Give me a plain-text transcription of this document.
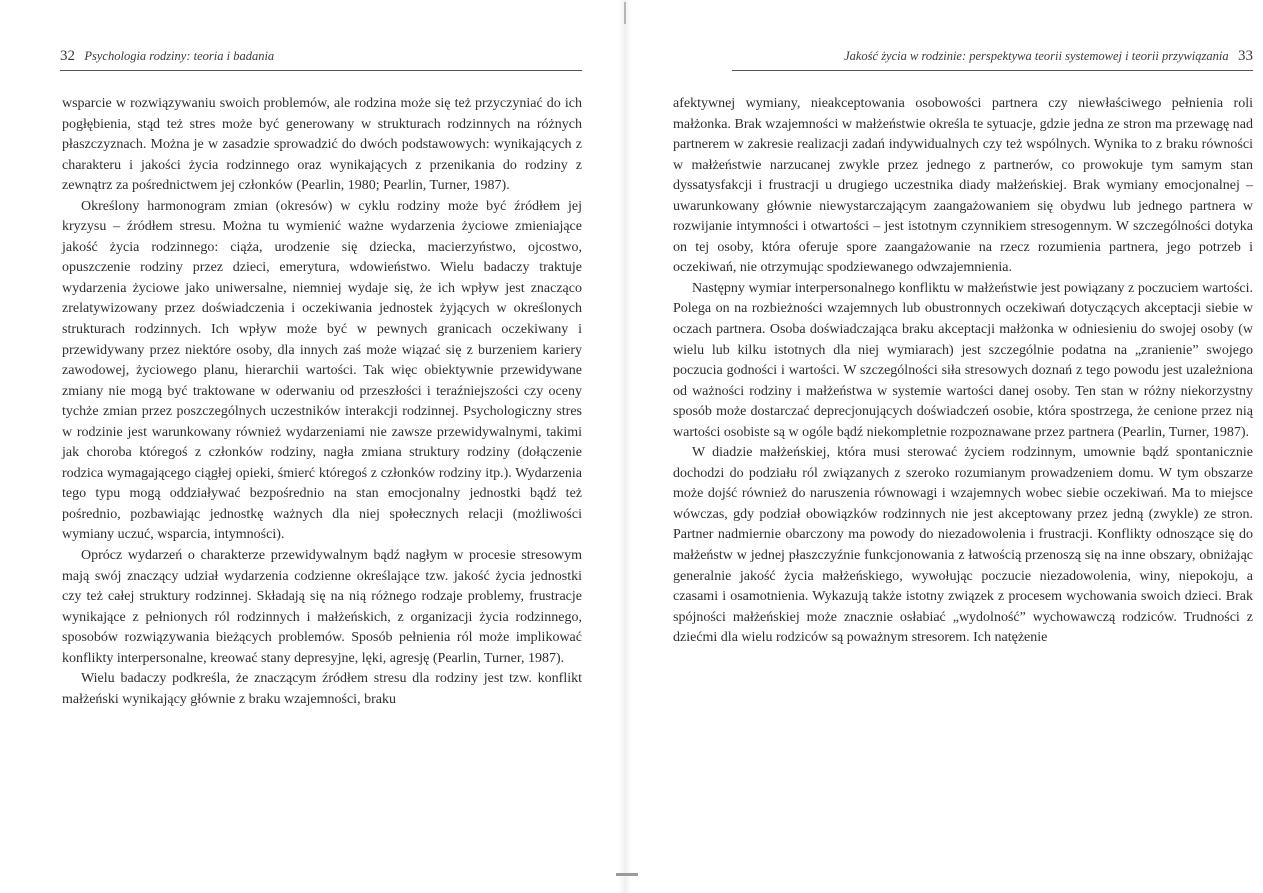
32 Psychologia rodziny: teoria i badania

wsparcie w rozwiązywaniu swoich problemów, ale rodzina może się też przyczyniać do ich pogłębienia, stąd też stres może być generowany w strukturach rodzinnych na różnych płaszczyznach. Można je w zasadzie sprowadzić do dwóch podstawowych: wynikających z charakteru i jakości życia rodzinnego oraz wynikających z przenikania do rodziny z zewnątrz za pośrednictwem jej członków (Pearlin, 1980; Pearlin, Turner, 1987).

Określony harmonogram zmian (okresów) w cyklu rodziny może być źródłem jej kryzysu – źródłem stresu. Można tu wymienić ważne wydarzenia życiowe zmieniające jakość życia rodzinnego: ciąża, urodzenie się dziecka, macierzyństwo, ojcostwo, opuszczenie rodziny przez dzieci, emerytura, wdowieństwo. Wielu badaczy traktuje wydarzenia życiowe jako uniwersalne, niemniej wydaje się, że ich wpływ jest znacząco zrelatywizowany przez doświadczenia i oczekiwania jednostek żyjących w określonych strukturach rodzinnych. Ich wpływ może być w pewnych granicach oczekiwany i przewidywany przez niektóre osoby, dla innych zaś może wiązać się z burzeniem kariery zawodowej, życiowego planu, hierarchii wartości. Tak więc obiektywnie przewidywane zmiany nie mogą być traktowane w oderwaniu od przeszłości i teraźniejszości czy oceny tychże zmian przez poszczególnych uczestników interakcji rodzinnej. Psychologiczny stres w rodzinie jest warunkowany również wydarzeniami nie zawsze przewidywalnymi, takimi jak choroba któregoś z członków rodziny, nagła zmiana struktury rodziny (dołączenie rodzica wymagającego ciągłej opieki, śmierć któregoś z członków rodziny itp.). Wydarzenia tego typu mogą oddziaływać bezpośrednio na stan emocjonalny jednostki bądź też pośrednio, pozbawiając jednostkę ważnych dla niej społecznych relacji (możliwości wymiany uczuć, wsparcia, intymności).

Oprócz wydarzeń o charakterze przewidywalnym bądź nagłym w procesie stresowym mają swój znaczący udział wydarzenia codzienne określające tzw. jakość życia jednostki czy też całej struktury rodzinnej. Składają się na nią różnego rodzaje problemy, frustracje wynikające z pełnionych ról rodzinnych i małżeńskich, z organizacji życia rodzinnego, sposobów rozwiązywania bieżących problemów. Sposób pełnienia ról może implikować konflikty interpersonalne, kreować stany depresyjne, lęki, agresję (Pearlin, Turner, 1987).

Wielu badaczy podkreśla, że znaczącym źródłem stresu dla rodziny jest tzw. konflikt małżeński wynikający głównie z braku wzajemności, braku

Jakość życia w rodzinie: perspektywa teorii systemowej i teorii przywiązania 33

afektywnej wymiany, nieakceptowania osobowości partnera czy niewłaściwego pełnienia roli małżonka. Brak wzajemności w małżeństwie określa te sytuacje, gdzie jedna ze stron ma przewagę nad partnerem w zakresie realizacji zadań indywidualnych czy też wspólnych. Wynika to z braku równości w małżeństwie narzucanej zwykle przez jednego z partnerów, co prowokuje tym samym stan dyssatysfakcji i frustracji u drugiego uczestnika diady małżeńskiej. Brak wymiany emocjonalnej – uwarunkowany głównie niewystarczającym zaangażowaniem się obydwu lub jednego partnera w rozwijanie intymności i otwartości – jest istotnym czynnikiem stresogennym. W szczególności dotyka on tej osoby, która oferuje spore zaangażowanie na rzecz rozumienia partnera, jego potrzeb i oczekiwań, nie otrzymując spodziewanego odwzajemnienia.

Następny wymiar interpersonalnego konfliktu w małżeństwie jest powiązany z poczuciem wartości. Polega on na rozbieżności wzajemnych lub obustronnych oczekiwań dotyczących akceptacji siebie w oczach partnera. Osoba doświadczająca braku akceptacji małżonka w odniesieniu do swojej osoby (w wielu lub kilku istotnych dla niej wymiarach) jest szczególnie podatna na „zranienie” swojego poczucia godności i wartości. W szczególności siła stresowych doznań z tego powodu jest uzależniona od ważności rodziny i małżeństwa w systemie wartości danej osoby. Ten stan w różny niekorzystny sposób może dostarczać deprecjonujących doświadczeń osobie, która spostrzega, że cenione przez nią wartości osobiste są w ogóle bądź niekompletnie rozpoznawane przez partnera (Pearlin, Turner, 1987).

W diadzie małżeńskiej, która musi sterować życiem rodzinnym, umownie bądź spontanicznie dochodzi do podziału ról związanych z szeroko rozumianym prowadzeniem domu. W tym obszarze może dojść również do naruszenia równowagi i wzajemnych wobec siebie oczekiwań. Ma to miejsce wówczas, gdy podział obowiązków rodzinnych nie jest akceptowany przez jedną (zwykle) ze stron. Partner nadmiernie obarczony ma powody do niezadowolenia i frustracji. Konflikty odnoszące się do małżeństw w jednej płaszczyźnie funkcjonowania z łatwością przenoszą się na inne obszary, obniżając generalnie jakość życia małżeńskiego, wywołując poczucie niezadowolenia, winy, niepokoju, a czasami i osamotnienia. Wykazują także istotny związek z procesem wychowania swoich dzieci. Brak spójności małżeńskiej może znacznie osłabiać „wydolność” wychowawczą rodziców. Trudności z dziećmi dla wielu rodziców są poważnym stresorem. Ich natężenie
